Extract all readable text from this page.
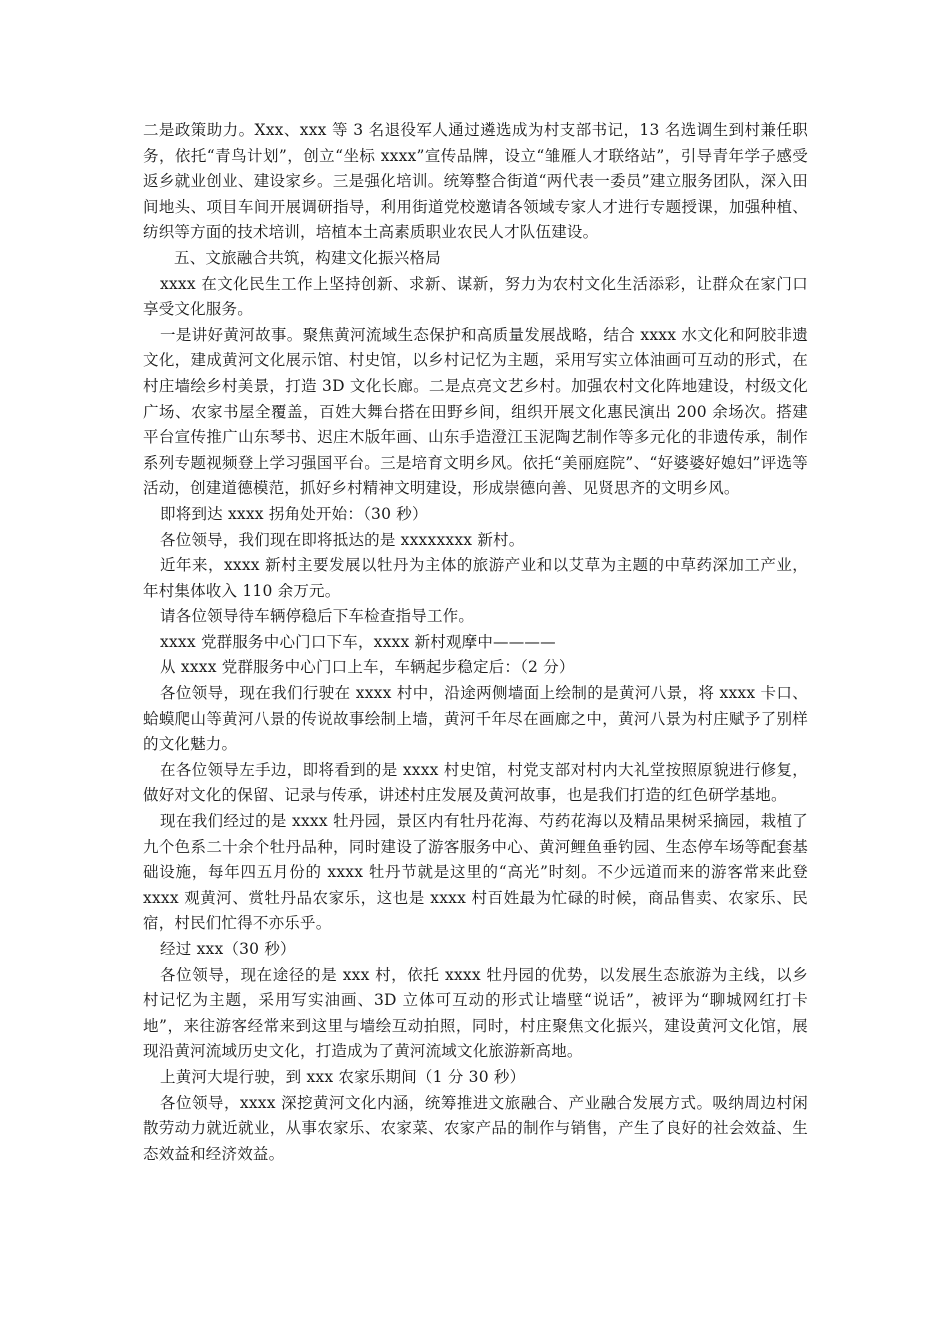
二是政策助力。Xxx、xxx 等 3 名退役军人通过遴选成为村支部书记，13 名选调生到村兼任职务，依托“青鸟计划”，创立“坐标 xxxx”宣传品牌，设立“雏雁人才联络站”，引导青年学子感受返乡就业创业、建设家乡。三是强化培训。统筹整合街道“两代表一委员”建立服务团队，深入田间地头、项目车间开展调研指导，利用街道党校邀请各领域专家人才进行专题授课，加强种植、纺织等方面的技术培训，培植本土高素质职业农民人才队伍建设。

五、文旅融合共筑，构建文化振兴格局

xxxx 在文化民生工作上坚持创新、求新、谋新，努力为农村文化生活添彩，让群众在家门口享受文化服务。

一是讲好黄河故事。聚焦黄河流域生态保护和高质量发展战略，结合 xxxx 水文化和阿胶非遗文化，建成黄河文化展示馆、村史馆，以乡村记忆为主题，采用写实立体油画可互动的形式，在村庄墙绘乡村美景，打造 3D 文化长廊。二是点亮文艺乡村。加强农村文化阵地建设，村级文化广场、农家书屋全覆盖，百姓大舞台搭在田野乡间，组织开展文化惠民演出 200 余场次。搭建平台宣传推广山东琴书、迟庄木版年画、山东手造澄江玉泥陶艺制作等多元化的非遗传承，制作系列专题视频登上学习强国平台。三是培育文明乡风。依托“美丽庭院”、“好婆婆好媳妇”评选等活动，创建道德模范，抓好乡村精神文明建设，形成崇德向善、见贤思齐的文明乡风。

即将到达 xxxx 拐角处开始：（30 秒）

各位领导，我们现在即将抵达的是 xxxxxxxx 新村。

近年来，xxxx 新村主要发展以牡丹为主体的旅游产业和以艾草为主题的中草药深加工产业，年村集体收入 110 余万元。

请各位领导待车辆停稳后下车检查指导工作。

xxxx 党群服务中心门口下车，xxxx 新村观摩中————

从 xxxx 党群服务中心门口上车，车辆起步稳定后：（2 分）

各位领导，现在我们行驶在 xxxx 村中，沿途两侧墙面上绘制的是黄河八景，将 xxxx 卡口、蛤蟆爬山等黄河八景的传说故事绘制上墙，黄河千年尽在画廊之中，黄河八景为村庄赋予了别样的文化魅力。

在各位领导左手边，即将看到的是 xxxx 村史馆，村党支部对村内大礼堂按照原貌进行修复，做好对文化的保留、记录与传承，讲述村庄发展及黄河故事，也是我们打造的红色研学基地。

现在我们经过的是 xxxx 牡丹园，景区内有牡丹花海、芍药花海以及精品果树采摘园，栽植了九个色系二十余个牡丹品种，同时建设了游客服务中心、黄河鲤鱼垂钓园、生态停车场等配套基础设施，每年四五月份的 xxxx 牡丹节就是这里的“高光”时刻。不少远道而来的游客常来此登 xxxx 观黄河、赏牡丹品农家乐，这也是 xxxx 村百姓最为忙碌的时候，商品售卖、农家乐、民宿，村民们忙得不亦乐乎。

经过 xxx（30 秒）

各位领导，现在途径的是 xxx 村，依托 xxxx 牡丹园的优势，以发展生态旅游为主线，以乡村记忆为主题，采用写实油画、3D 立体可互动的形式让墙壁“说话”，被评为“聊城网红打卡地”，来往游客经常来到这里与墙绘互动拍照，同时，村庄聚焦文化振兴，建设黄河文化馆，展现沿黄河流域历史文化，打造成为了黄河流域文化旅游新高地。

上黄河大堤行驶，到 xxx 农家乐期间（1 分 30 秒）

各位领导，xxxx 深挖黄河文化内涵，统筹推进文旅融合、产业融合发展方式。吸纳周边村闲散劳动力就近就业，从事农家乐、农家菜、农家产品的制作与销售，产生了良好的社会效益、生态效益和经济效益。
